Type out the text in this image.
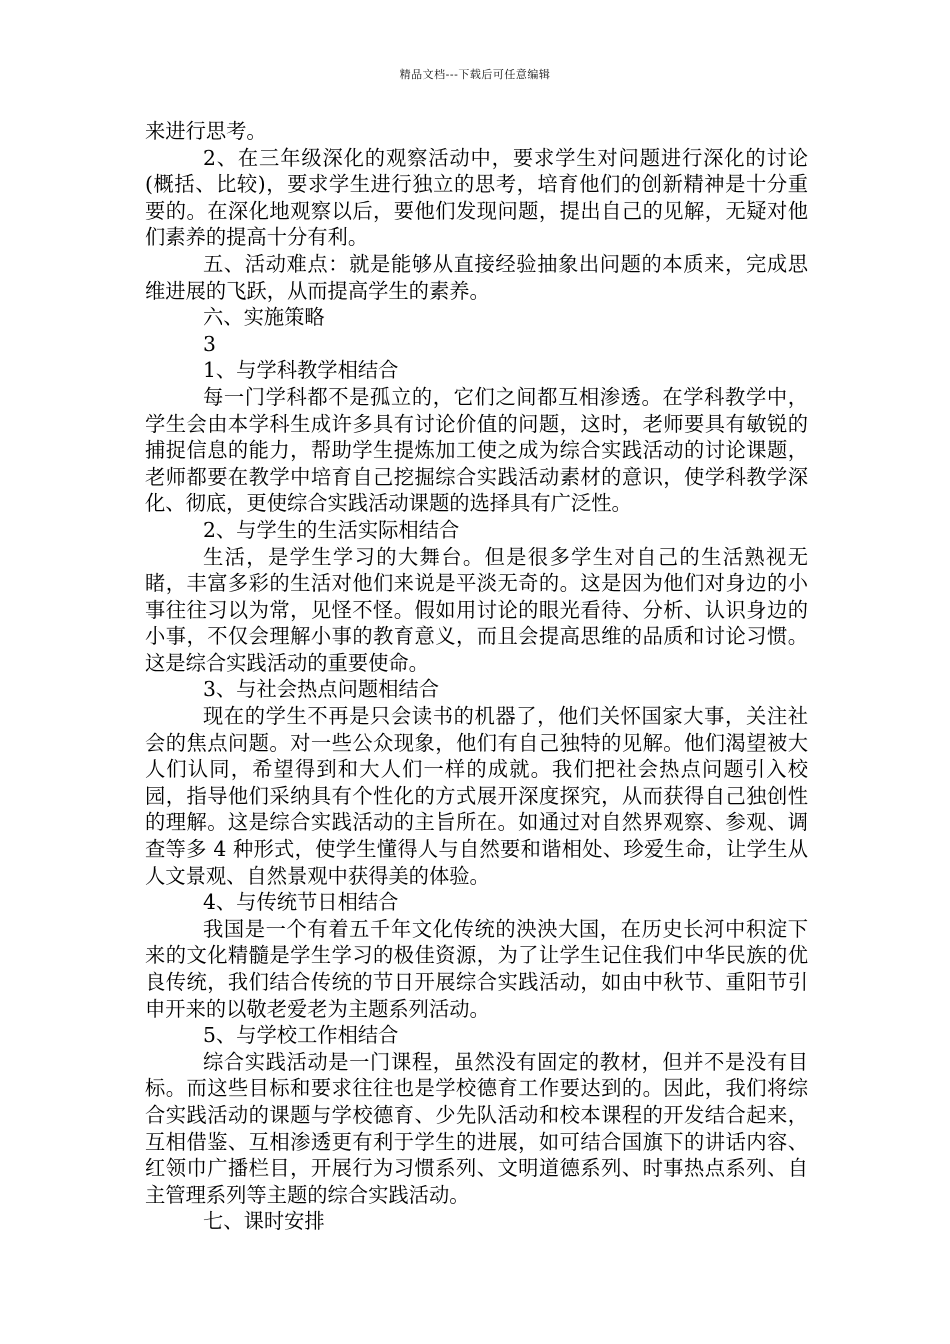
精品文档---下载后可任意编辑

来进行思考。

2、在三年级深化的观察活动中，要求学生对问题进行深化的讨论(概括、比较)，要求学生进行独立的思考，培育他们的创新精神是十分重要的。在深化地观察以后，要他们发现问题，提出自己的见解，无疑对他们素养的提高十分有利。

五、活动难点：就是能够从直接经验抽象出问题的本质来，完成思维进展的飞跃，从而提高学生的素养。

六、实施策略

3

1、与学科教学相结合

每一门学科都不是孤立的，它们之间都互相渗透。在学科教学中，学生会由本学科生成许多具有讨论价值的问题，这时，老师要具有敏锐的捕捉信息的能力，帮助学生提炼加工使之成为综合实践活动的讨论课题，老师都要在教学中培育自己挖掘综合实践活动素材的意识，使学科教学深化、彻底，更使综合实践活动课题的选择具有广泛性。

2、与学生的生活实际相结合

生活，是学生学习的大舞台。但是很多学生对自己的生活熟视无睹，丰富多彩的生活对他们来说是平淡无奇的。这是因为他们对身边的小事往往习以为常，见怪不怪。假如用讨论的眼光看待、分析、认识身边的小事，不仅会理解小事的教育意义，而且会提高思维的品质和讨论习惯。这是综合实践活动的重要使命。

3、与社会热点问题相结合

现在的学生不再是只会读书的机器了，他们关怀国家大事，关注社会的焦点问题。对一些公众现象，他们有自己独特的见解。他们渴望被大人们认同，希望得到和大人们一样的成就。我们把社会热点问题引入校园，指导他们采纳具有个性化的方式展开深度探究，从而获得自己独创性的理解。这是综合实践活动的主旨所在。如通过对自然界观察、参观、调查等多 4 种形式，使学生懂得人与自然要和谐相处、珍爱生命，让学生从人文景观、自然景观中获得美的体验。

4、与传统节日相结合

我国是一个有着五千年文化传统的泱泱大国，在历史长河中积淀下来的文化精髓是学生学习的极佳资源，为了让学生记住我们中华民族的优良传统，我们结合传统的节日开展综合实践活动，如由中秋节、重阳节引申开来的以敬老爱老为主题系列活动。

5、与学校工作相结合

综合实践活动是一门课程，虽然没有固定的教材，但并不是没有目标。而这些目标和要求往往也是学校德育工作要达到的。因此，我们将综合实践活动的课题与学校德育、少先队活动和校本课程的开发结合起来，互相借鉴、互相渗透更有利于学生的进展，如可结合国旗下的讲话内容、红领巾广播栏目，开展行为习惯系列、文明道德系列、时事热点系列、自主管理系列等主题的综合实践活动。

七、课时安排
